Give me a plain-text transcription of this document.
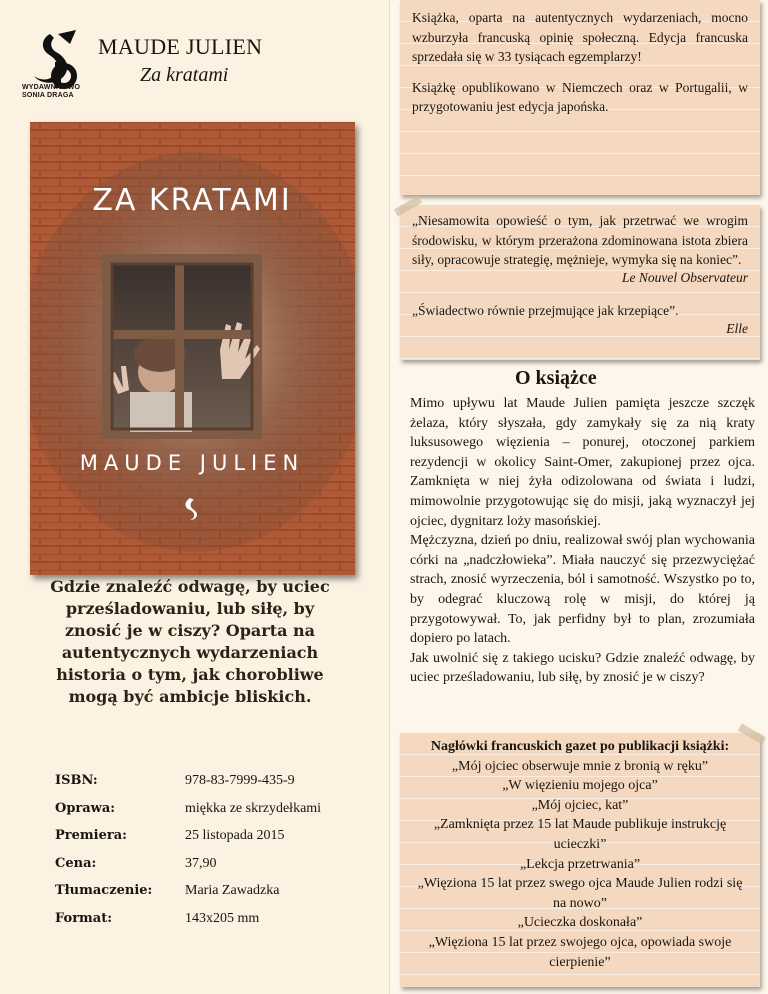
WYDAWNICTWO
SONIA DRAGA
MAUDE JULIEN
Za kratami
ZA KRATAMI
MAUDE JULIEN
Gdzie znaleźć odwagę, by uciec prześladowaniu, lub siłę, by znosić je w ciszy? Oparta na autentycznych wydarzeniach historia o tym, jak chorobliwe mogą być ambicje bliskich.
ISBN:	978-83-7999-435-9
Oprawa:	miękka ze skrzydełkami
Premiera:	25 listopada 2015
Cena:	37,90
Tłumaczenie: Maria Zawadzka
Format:	143x205 mm

Książka, oparta na autentycznych wydarzeniach, mocno wzburzyła francuską opinię społeczną. Edycja francuska sprzedała się w 33 tysiącach egzemplarzy!

Książkę opublikowano w Niemczech oraz w Portugalii, w przygotowaniu jest edycja japońska.

„Niesamowita opowieść o tym, jak przetrwać we wrogim środowisku, w którym przerażona zdominowana istota zbiera siły, opracowuje strategię, mężnieje, wymyka się na koniec”.
Le Nouvel Observateur
„Świadectwo równie przejmujące jak krzepiące”.
Elle
O książce

Mimo upływu lat Maude Julien pamięta jeszcze szczęk żelaza, który słyszała, gdy zamykały się za nią kraty luksusowego więzienia – ponurej, otoczonej parkiem rezydencji w okolicy Saint-Omer, zakupionej przez ojca. Zamknięta w niej żyła odizolowana od świata i ludzi, mimowolnie przygotowując się do misji, jaką wyznaczył jej ojciec, dygnitarz loży masońskiej.

Mężczyzna, dzień po dniu, realizował swój plan wychowania córki na „nadczłowieka”. Miała nauczyć się przezwyciężać strach, znosić wyrzeczenia, ból i samotność. Wszystko po to, by odegrać kluczową rolę w misji, do której ją przygotowywał. To, jak perfidny był to plan, zrozumiała dopiero po latach.

Jak uwolnić się z takiego ucisku? Gdzie znaleźć odwagę, by uciec prześladowaniu, lub siłę, by znosić je w ciszy?

Nagłówki francuskich gazet po publikacji książki:
„Mój ojciec obserwuje mnie z bronią w ręku”
„W więzieniu mojego ojca”
„Mój ojciec, kat”
„Zamknięta przez 15 lat Maude publikuje instrukcję ucieczki”
„Lekcja przetrwania”
„Więziona 15 lat przez swego ojca Maude Julien rodzi się na nowo”
„Ucieczka doskonała”
„Więziona 15 lat przez swojego ojca, opowiada swoje cierpienie”
